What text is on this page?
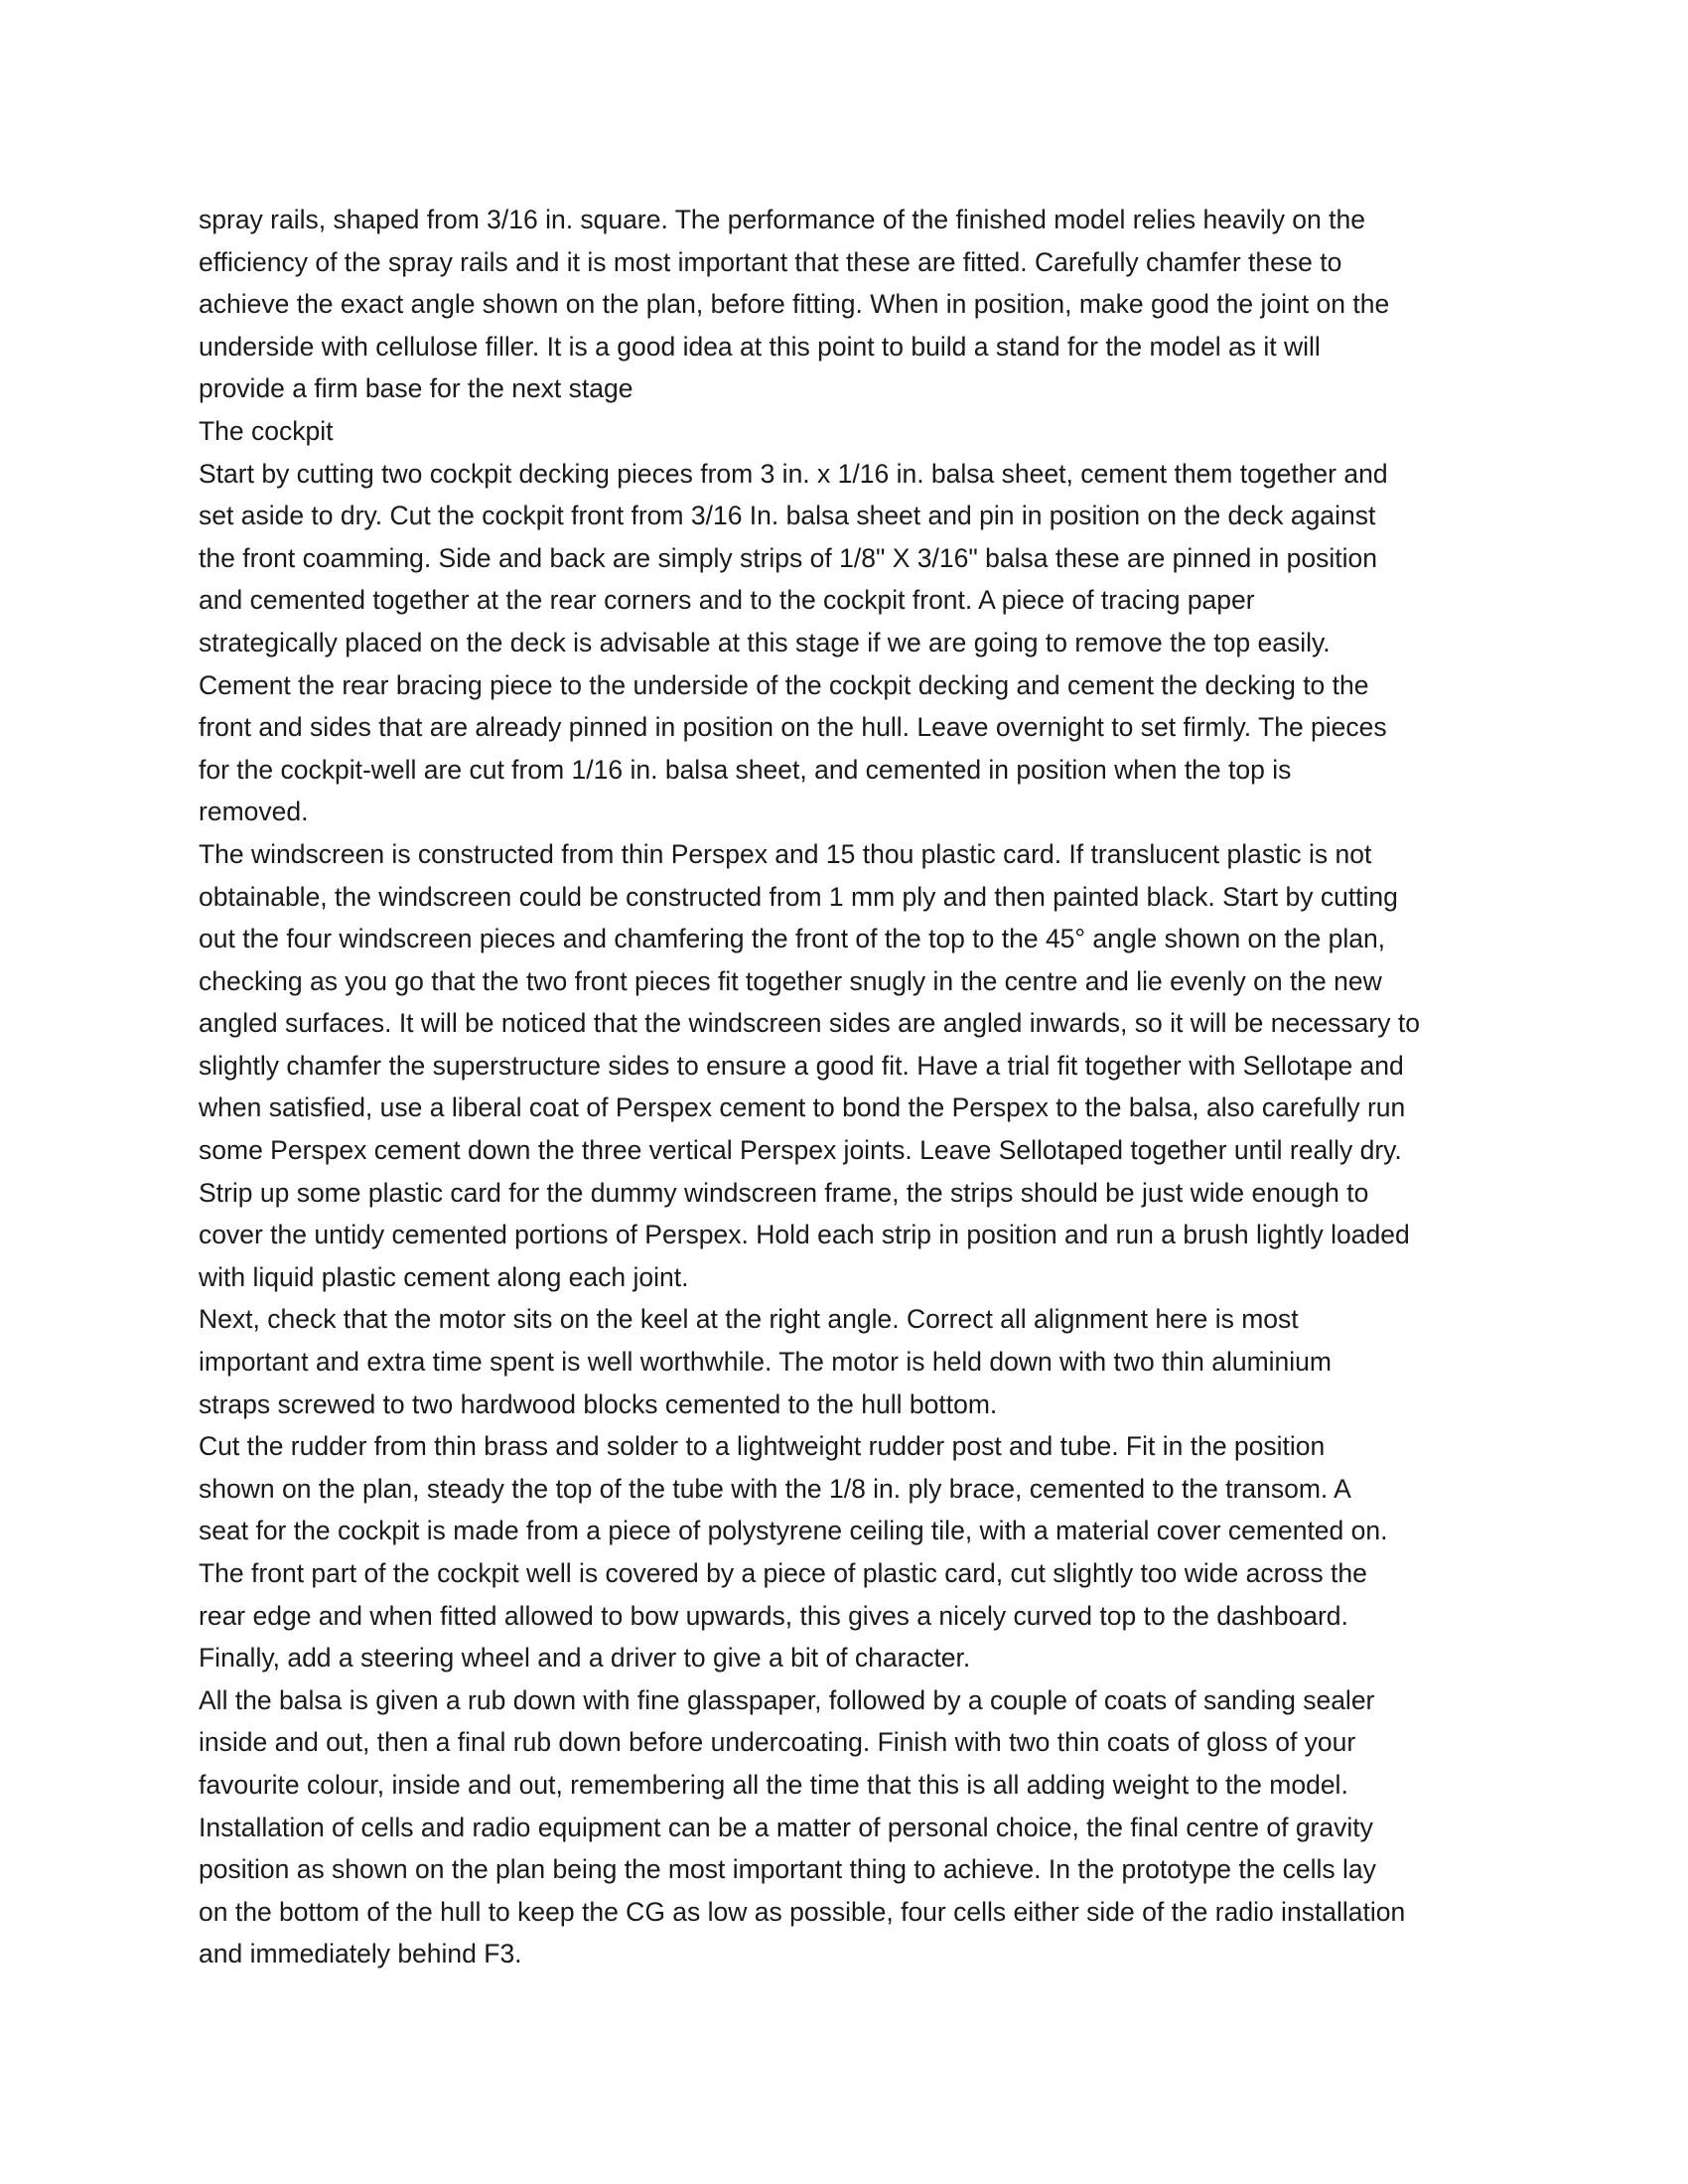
spray rails, shaped from 3/16 in. square. The performance of the finished model relies heavily on the
efficiency of the spray rails and it is most important that these are fitted. Carefully chamfer these to
achieve the exact angle shown on the plan, before fitting. When in position, make good the joint on the
underside with cellulose filler. It is a good idea at this point to build a stand for the model as it will
provide a firm base for the next stage

The cockpit

Start by cutting two cockpit decking pieces from 3 in. x 1/16 in. balsa sheet, cement them together and
set aside to dry. Cut the cockpit front from 3/16 In. balsa sheet and pin in position on the deck against
the front coamming. Side and back are simply strips of 1/8" X 3/16" balsa these are pinned in position
and cemented together at the rear corners and to the cockpit front. A piece of tracing paper
strategically placed on the deck is advisable at this stage if we are going to remove the top easily.
Cement the rear bracing piece to the underside of the cockpit decking and cement the decking to the
front and sides that are already pinned in position on the hull. Leave overnight to set firmly. The pieces
for the cockpit-well are cut from 1/16 in. balsa sheet, and cemented in position when the top is
removed.

The windscreen is constructed from thin Perspex and 15 thou plastic card. If translucent plastic is not
obtainable, the windscreen could be constructed from 1 mm ply and then painted black. Start by cutting
out the four windscreen pieces and chamfering the front of the top to the 45° angle shown on the plan,
checking as you go that the two front pieces fit together snugly in the centre and lie evenly on the new
angled surfaces. It will be noticed that the windscreen sides are angled inwards, so it will be necessary to
slightly chamfer the superstructure sides to ensure a good fit. Have a trial fit together with Sellotape and
when satisfied, use a liberal coat of Perspex cement to bond the Perspex to the balsa, also carefully run
some Perspex cement down the three vertical Perspex joints. Leave Sellotaped together until really dry.
Strip up some plastic card for the dummy windscreen frame, the strips should be just wide enough to
cover the untidy cemented portions of Perspex. Hold each strip in position and run a brush lightly loaded
with liquid plastic cement along each joint.

Next, check that the motor sits on the keel at the right angle. Correct all alignment here is most
important and extra time spent is well worthwhile. The motor is held down with two thin aluminium
straps screwed to two hardwood blocks cemented to the hull bottom.

Cut the rudder from thin brass and solder to a lightweight rudder post and tube. Fit in the position
shown on the plan, steady the top of the tube with the 1/8 in. ply brace, cemented to the transom. A
seat for the cockpit is made from a piece of polystyrene ceiling tile, with a material cover cemented on.
The front part of the cockpit well is covered by a piece of plastic card, cut slightly too wide across the
rear edge and when fitted allowed to bow upwards, this gives a nicely curved top to the dashboard.
Finally, add a steering wheel and a driver to give a bit of character.

All the balsa is given a rub down with fine glasspaper, followed by a couple of coats of sanding sealer
inside and out, then a final rub down before undercoating. Finish with two thin coats of gloss of your
favourite colour, inside and out, remembering all the time that this is all adding weight to the model.
Installation of cells and radio equipment can be a matter of personal choice, the final centre of gravity
position as shown on the plan being the most important thing to achieve. In the prototype the cells lay
on the bottom of the hull to keep the CG as low as possible, four cells either side of the radio installation
and immediately behind F3.
